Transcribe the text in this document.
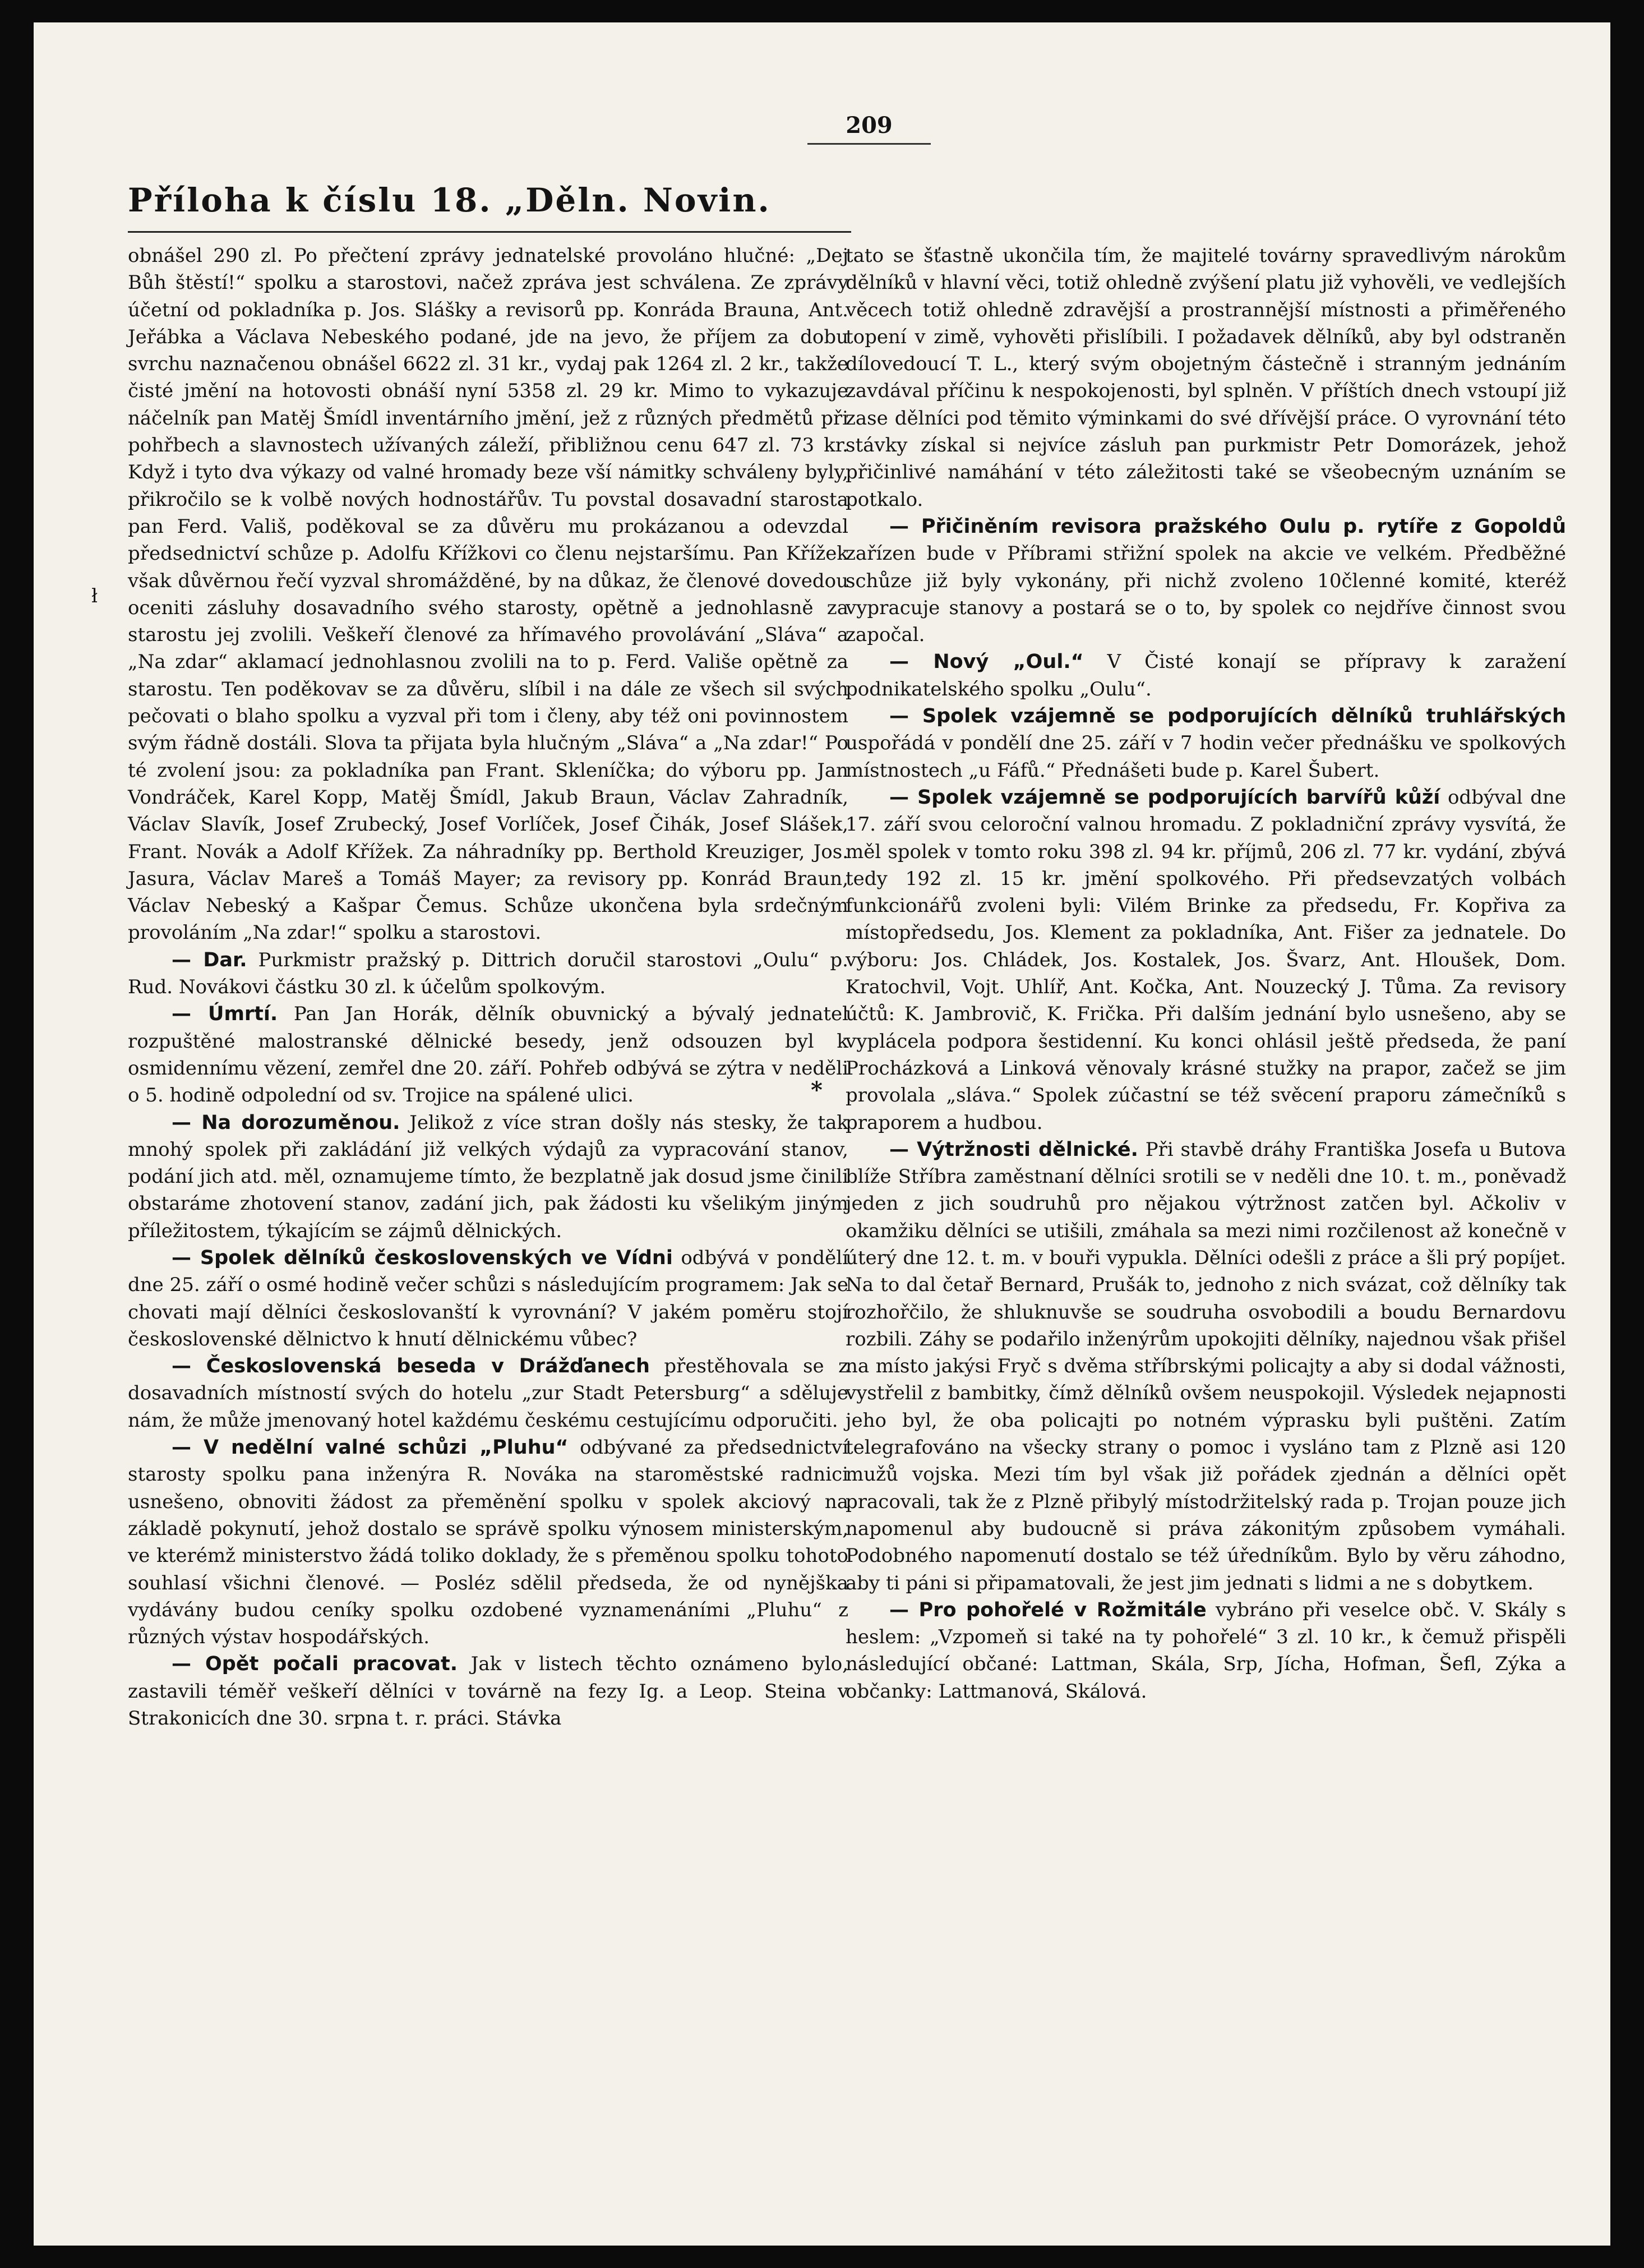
209
Příloha k číslu 18. „Děln. Novin.
ł
*

obnášel 290 zl. Po přečtení zprávy jednatelské provoláno hlučné: „Dej Bůh štěstí!“ spolku a starostovi, načež zpráva jest schválena. Ze zprávy účetní od pokladníka p. Jos. Slášky a revisorů pp. Konráda Brauna, Ant. Jeřábka a Václava Nebeského podané, jde na jevo, že příjem za dobu svrchu naznačenou obnášel 6622 zl. 31 kr., vydaj pak 1264 zl. 2 kr., takže čisté jmění na hotovosti obnáší nyní 5358 zl. 29 kr. Mimo to vykazuje náčelník pan Matěj Šmídl inventárního jmění, jež z různých předmětů při pohřbech a slavnostech užívaných záleží, přibližnou cenu 647 zl. 73 kr. Když i tyto dva výkazy od valné hromady beze vší námitky schváleny byly, přikročilo se k volbě nových hodnostářův. Tu povstal dosavadní starosta pan Ferd. Vališ, poděkoval se za důvěru mu prokázanou a odevzdal předsednictví schůze p. Adolfu Křížkovi co členu nejstaršímu. Pan Křížek však důvěrnou řečí vyzval shromážděné, by na důkaz, že členové dovedou oceniti zásluhy dosavadního svého starosty, opětně a jednohlasně za starostu jej zvolili. Veškeří členové za hřímavého provolávání „Sláva“ a „Na zdar“ aklamací jednohlasnou zvolili na to p. Ferd. Vališe opětně za starostu. Ten poděkovav se za důvěru, slíbil i na dále ze všech sil svých pečovati o blaho spolku a vyzval při tom i členy, aby též oni povinnostem svým řádně dostáli. Slova ta přijata byla hlučným „Sláva“ a „Na zdar!“ Po té zvolení jsou: za pokladníka pan Frant. Skleníčka; do výboru pp. Jan Vondráček, Karel Kopp, Matěj Šmídl, Jakub Braun, Václav Zahradník, Václav Slavík, Josef Zrubecký, Josef Vorlíček, Josef Čihák, Josef Slášek, Frant. Novák a Adolf Křížek. Za náhradníky pp. Berthold Kreuziger, Jos. Jasura, Václav Mareš a Tomáš Mayer; za revisory pp. Konrád Braun, Václav Nebeský a Kašpar Čemus. Schůze ukončena byla srdečným provoláním „Na zdar!“ spolku a starostovi.

— Dar. Purkmistr pražský p. Dittrich doručil starostovi „Oulu“ p. Rud. Novákovi částku 30 zl. k účelům spolkovým.

— Úmrtí. Pan Jan Horák, dělník obuvnický a bývalý jednatel rozpuštěné malostranské dělnické besedy, jenž odsouzen byl k osmidennímu vězení, zemřel dne 20. září. Pohřeb odbývá se zýtra v neděli o 5. hodině odpolední od sv. Trojice na spálené ulici.

— Na dorozuměnou. Jelikož z více stran došly nás stesky, že tak mnohý spolek při zakládání již velkých výdajů za vypracování stanov, podání jich atd. měl, oznamujeme tímto, že bezplatně jak dosud jsme činili obstaráme zhotovení stanov, zadání jich, pak žádosti ku všelikým jiným příležitostem, týkajícím se zájmů dělnických.

— Spolek dělníků československých ve Vídni odbývá v pondělí dne 25. září o osmé hodině večer schůzi s následujícím programem: Jak se chovati mají dělníci českoslovanští k vyrovnání? V jakém poměru stojí československé dělnictvo k hnutí dělnickému vůbec?

— Československá beseda v Drážďanech přestěhovala se z dosavadních místností svých do hotelu „zur Stadt Petersburg“ a sděluje nám, že může jmenovaný hotel každému českému cestujícímu odporučiti.

— V nedělní valné schůzi „Pluhu“ odbývané za předsednictví starosty spolku pana inženýra R. Nováka na staroměstské radnici usnešeno, obnoviti žádost za přeměnění spolku v spolek akciový na základě pokynutí, jehož dostalo se správě spolku výnosem ministerským, ve kterémž ministerstvo žádá toliko doklady, že s přeměnou spolku tohoto souhlasí všichni členové. — Posléz sdělil předseda, že od nynějška vydávány budou ceníky spolku ozdobené vyznamenáními „Pluhu“ z různých výstav hospodářských.

— Opět počali pracovat. Jak v listech těchto oznámeno bylo, zastavili téměř veškeří dělníci v továrně na fezy Ig. a Leop. Steina v Strakonicích dne 30. srpna t. r. práci. Stávka

tato se šťastně ukončila tím, že majitelé továrny spravedlivým nárokům dělníků v hlavní věci, totiž ohledně zvýšení platu již vyhověli, ve vedlejších věcech totiž ohledně zdravější a prostrannější místnosti a přiměřeného topení v zimě, vyhověti přislíbili. I požadavek dělníků, aby byl odstraněn dílovedoucí T. L., který svým obojetným částečně i stranným jednáním zavdával příčinu k nespokojenosti, byl splněn. V příštích dnech vstoupí již zase dělníci pod těmito výminkami do své dřívější práce. O vyrovnání této stávky získal si nejvíce zásluh pan purkmistr Petr Domorázek, jehož přičinlivé namáhání v této záležitosti také se všeobecným uznáním se potkalo.

— Přičiněním revisora pražského Oulu p. rytíře z Gopoldů zařízen bude v Příbrami střižní spolek na akcie ve velkém. Předběžné schůze již byly vykonány, při nichž zvoleno 10členné komité, kteréž vypracuje stanovy a postará se o to, by spolek co nejdříve činnost svou započal.

— Nový „Oul.“ V Čisté konají se přípravy k zaražení podnikatelského spolku „Oulu“.

— Spolek vzájemně se podporujících dělníků truhlářských uspořádá v pondělí dne 25. září v 7 hodin večer přednášku ve spolkových místnostech „u Fáfů.“ Přednášeti bude p. Karel Šubert.

— Spolek vzájemně se podporujících barvířů kůží odbýval dne 17. září svou celoroční valnou hromadu. Z pokladniční zprávy vysvítá, že měl spolek v tomto roku 398 zl. 94 kr. příjmů, 206 zl. 77 kr. vydání, zbývá tedy 192 zl. 15 kr. jmění spolkového. Při předsevzatých volbách funkcionářů zvoleni byli: Vilém Brinke za předsedu, Fr. Kopřiva za místopředsedu, Jos. Klement za pokladníka, Ant. Fišer za jednatele. Do výboru: Jos. Chládek, Jos. Kostalek, Jos. Švarz, Ant. Hloušek, Dom. Kratochvil, Vojt. Uhlíř, Ant. Kočka, Ant. Nouzecký J. Tůma. Za revisory účtů: K. Jambrovič, K. Frička. Při dalším jednání bylo usnešeno, aby se vyplácela podpora šestidenní. Ku konci ohlásil ještě předseda, že paní Procházková a Linková věnovaly krásné stužky na prapor, začež se jim provolala „sláva.“ Spolek zúčastní se též svěcení praporu zámečníků s praporem a hudbou.

— Výtržnosti dělnické. Při stavbě dráhy Františka Josefa u Butova blíže Stříbra zaměstnaní dělníci srotili se v neděli dne 10. t. m., poněvadž jeden z jich soudruhů pro nějakou výtržnost zatčen byl. Ačkoliv v okamžiku dělníci se utišili, zmáhala sa mezi nimi rozčilenost až konečně v úterý dne 12. t. m. v bouři vypukla. Dělníci odešli z práce a šli prý popíjet. Na to dal četař Bernard, Prušák to, jednoho z nich svázat, což dělníky tak rozhořčilo, že shluknuvše se soudruha osvobodili a boudu Bernardovu rozbili. Záhy se podařilo inženýrům upokojiti dělníky, najednou však přišel na místo jakýsi Fryč s dvěma stříbrskými policajty a aby si dodal vážnosti, vystřelil z bambitky, čímž dělníků ovšem neuspokojil. Výsledek nejapnosti jeho byl, že oba policajti po notném výprasku byli puštěni. Zatím telegrafováno na všecky strany o pomoc i vysláno tam z Plzně asi 120 mužů vojska. Mezi tím byl však již pořádek zjednán a dělníci opět pracovali, tak že z Plzně přibylý místodržitelský rada p. Trojan pouze jich napomenul aby budoucně si práva zákonitým způsobem vymáhali. Podobného napomenutí dostalo se též úředníkům. Bylo by věru záhodno, aby ti páni si připamatovali, že jest jim jednati s lidmi a ne s dobytkem.

— Pro pohořelé v Rožmitále vybráno při veselce obč. V. Skály s heslem: „Vzpomeň si také na ty pohořelé“ 3 zl. 10 kr., k čemuž přispěli následující občané: Lattman, Skála, Srp, Jícha, Hofman, Šefl, Zýka a občanky: Lattmanová, Skálová.
